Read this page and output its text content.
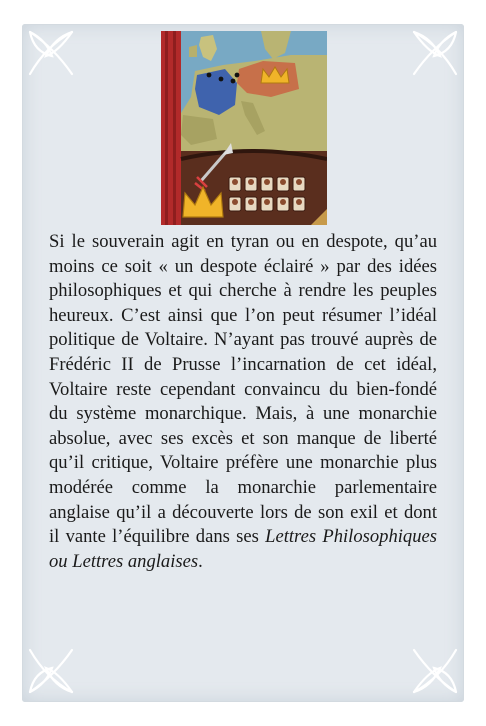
Si le souverain agit en tyran ou en despote, qu’au moins ce soit « un despote éclairé » par des idées philosophiques et qui cherche à rendre les peuples heureux. C’est ainsi que l’on peut résumer l’idéal politique de Voltaire. N’ayant pas trouvé auprès de Frédéric II de Prusse l’incarnation de cet idéal, Voltaire reste cependant convaincu du bien-fondé du système monarchique. Mais, à une monarchie absolue, avec ses excès et son manque de liberté qu’il critique, Voltaire préfère une monarchie plus modérée comme la monarchie parlementaire anglaise qu’il a découverte lors de son exil et dont il vante l’équilibre dans ses Lettres Philosophiques ou Lettres anglaises.
